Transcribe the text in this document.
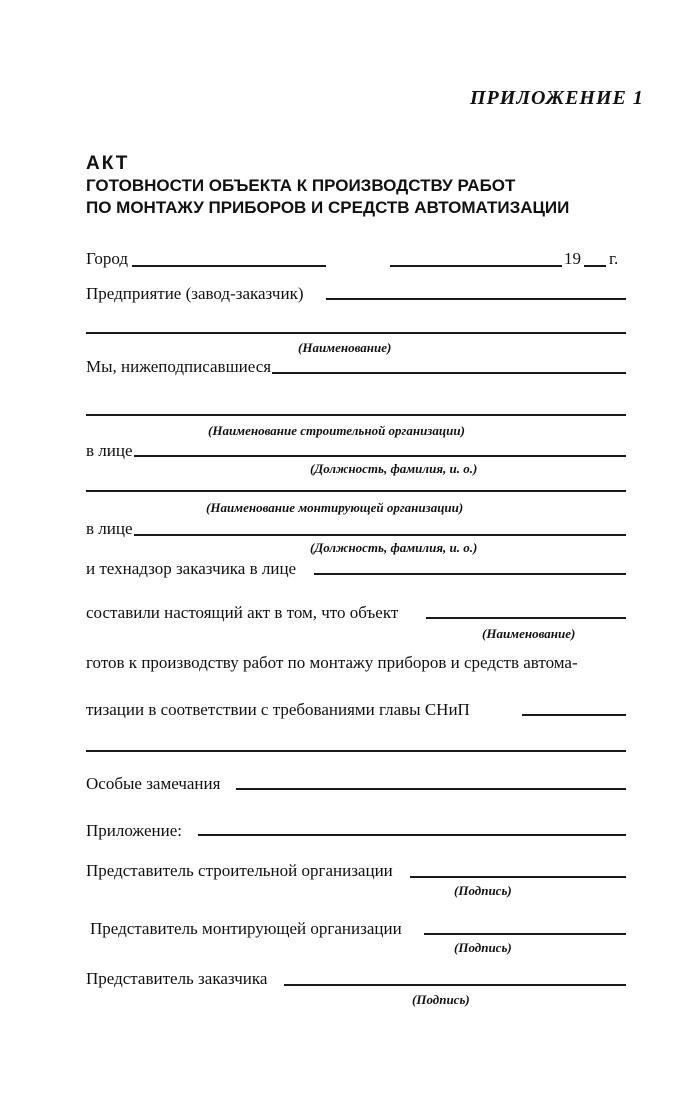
ПРИЛОЖЕНИЕ 1
АКТ
ГОТОВНОСТИ ОБЪЕКТА К ПРОИЗВОДСТВУ РАБОТ
ПО МОНТАЖУ ПРИБОРОВ И СРЕДСТВ АВТОМАТИЗАЦИИ
Город	19 г.
Предприятие (завод-заказчик)
(Наименование)
Мы, нижеподписавшиеся
(Наименование строительной организации)
в лице
(Должность, фамилия, и. о.)
(Наименование монтирующей организации)
в лице
(Должность, фамилия, и. о.)
и технадзор заказчика в лице
составили настоящий акт в том, что объект
(Наименование)
готов к производству работ по монтажу приборов и средств автома-
тизации в соответствии с требованиями главы СНиП
Особые замечания
Приложение:
Представитель строительной организации
(Подпись)
Представитель монтирующей организации
(Подпись)
Представитель заказчика
(Подпись)
